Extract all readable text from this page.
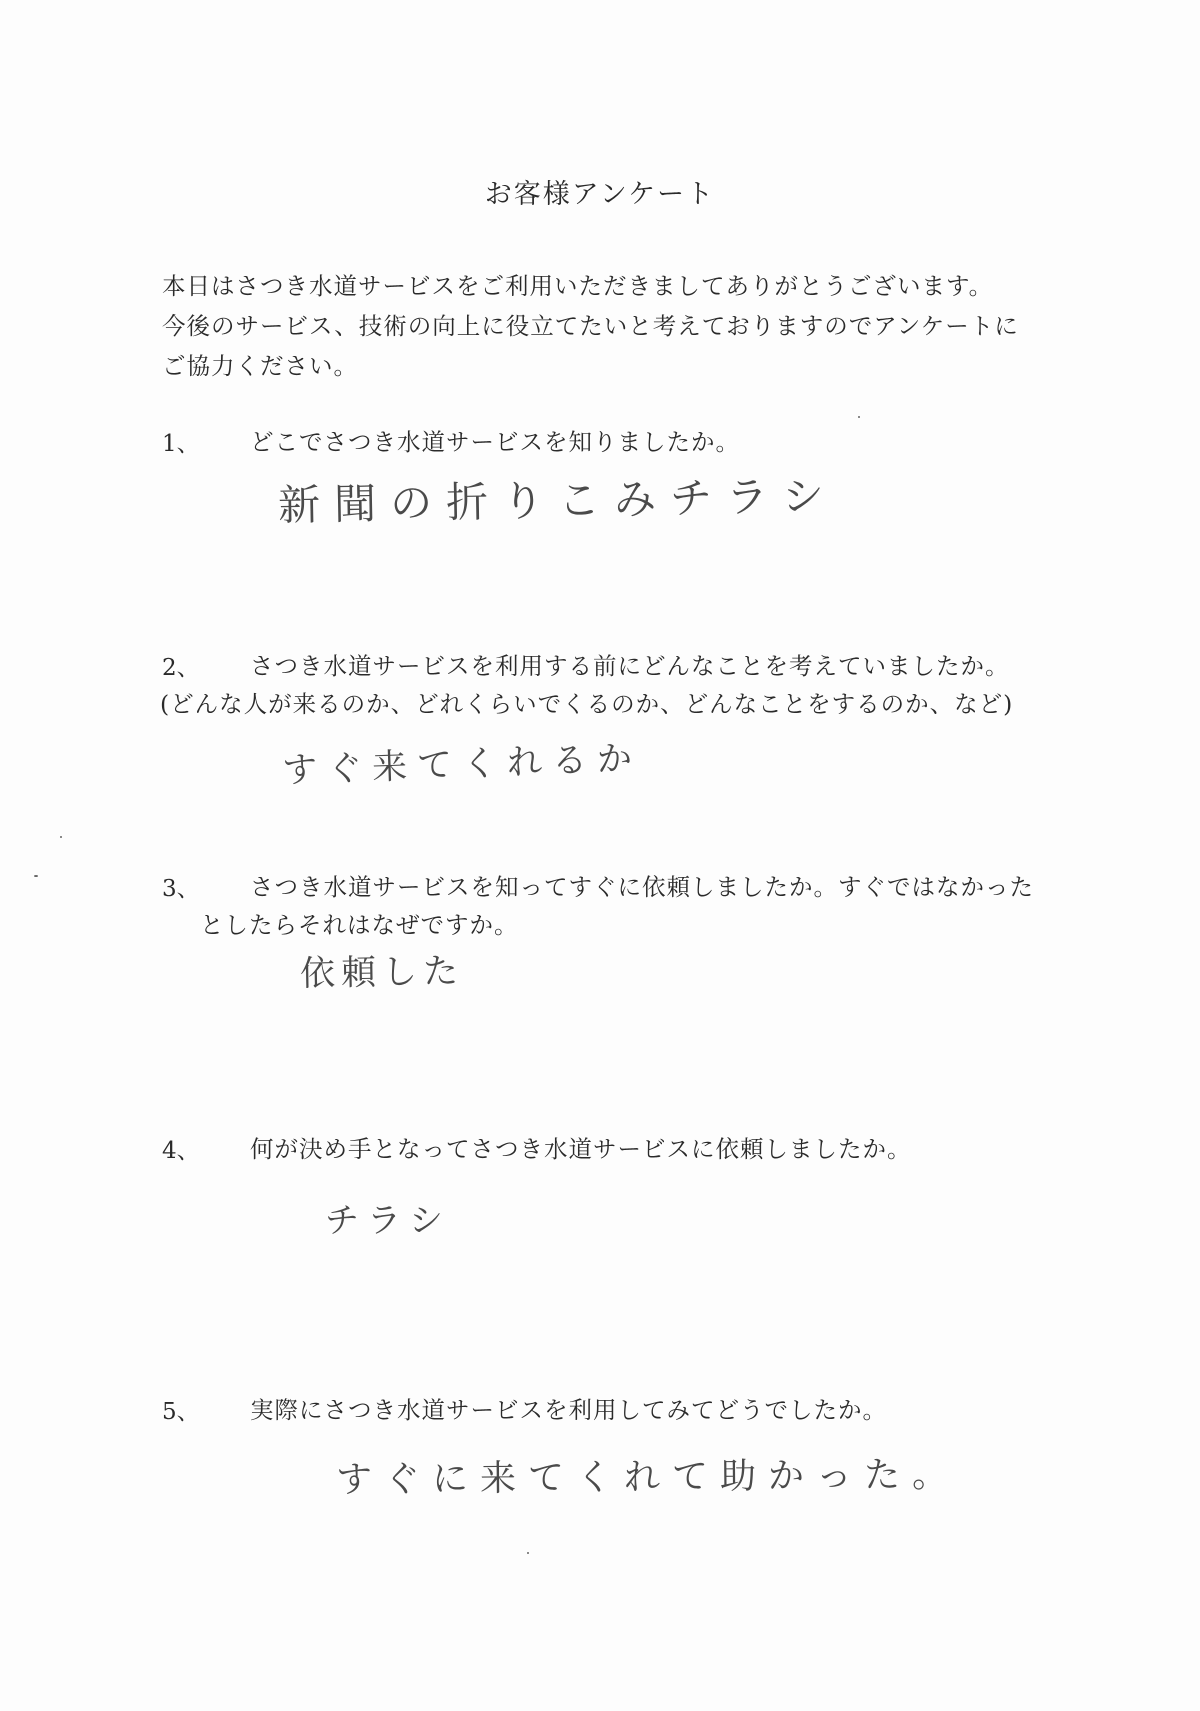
お客様アンケート
本日はさつき水道サービスをご利用いただきましてありがとうございます。
今後のサービス、技術の向上に役立てたいと考えておりますのでアンケートに
ご協力ください。
1、 どこでさつき水道サービスを知りましたか。
新聞の折りこみチラシ
2、 さつき水道サービスを利用する前にどんなことを考えていましたか。
(どんな人が来るのか、どれくらいでくるのか、どんなことをするのか、など)
すぐ来てくれるか
3、 さつき水道サービスを知ってすぐに依頼しましたか。すぐではなかった
としたらそれはなぜですか。
依頼した
4、 何が決め手となってさつき水道サービスに依頼しましたか。
チラシ
5、 実際にさつき水道サービスを利用してみてどうでしたか。
すぐに来てくれて助かった。
